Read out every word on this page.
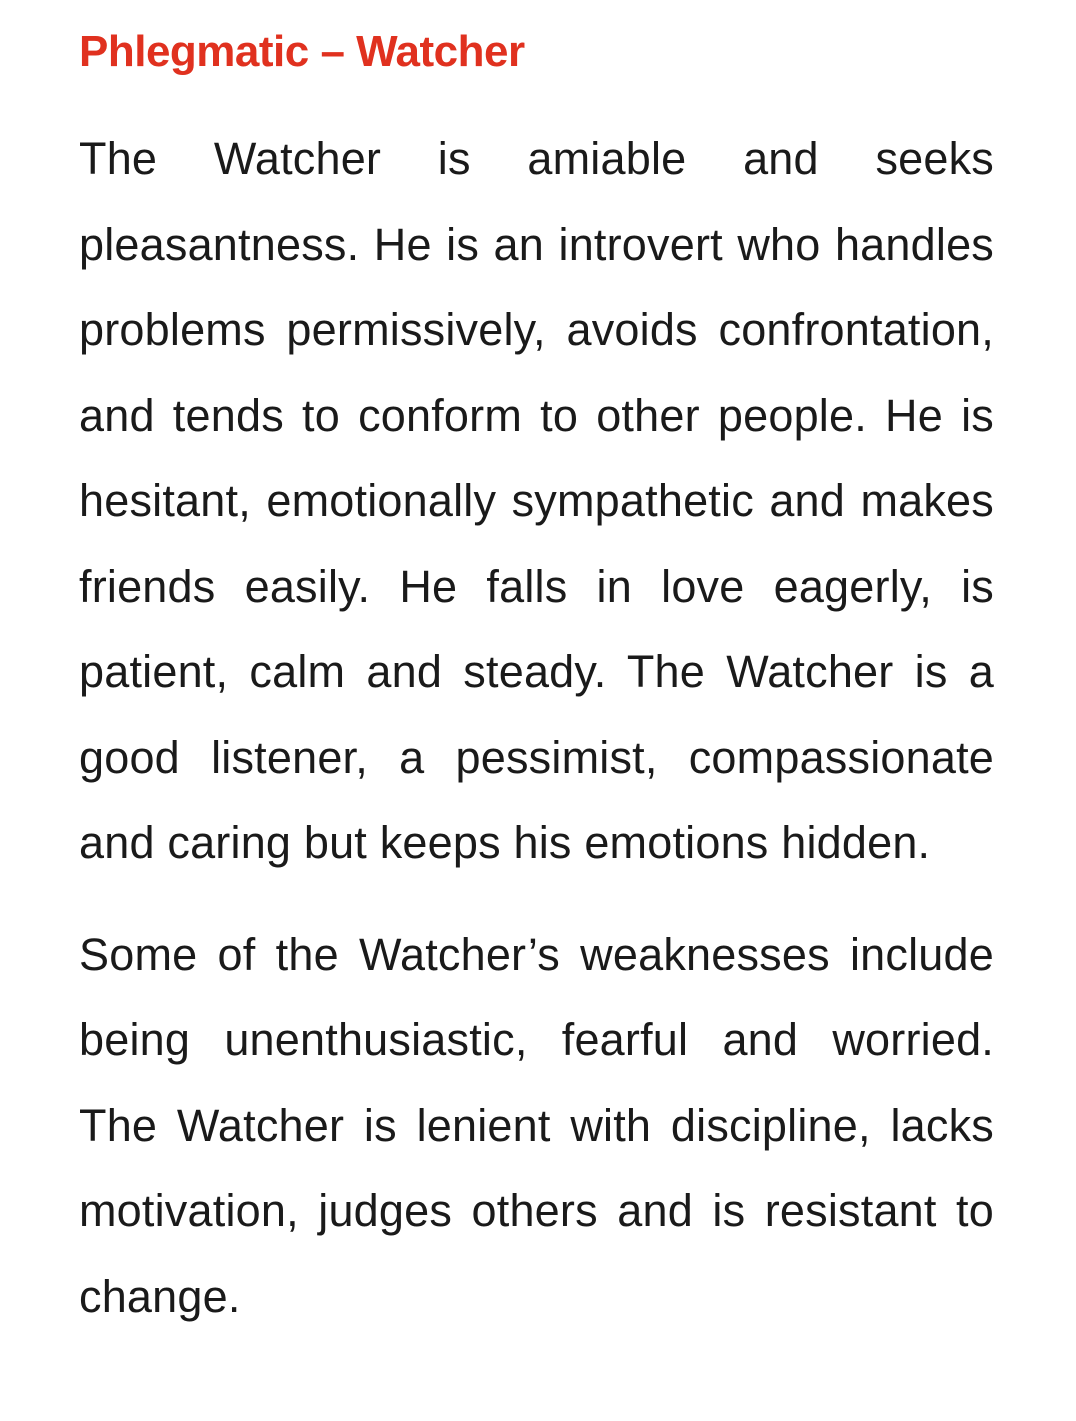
Phlegmatic – Watcher

The Watcher is amiable and seeks pleasantness. He is an introvert who handles problems permissively, avoids confrontation, and tends to conform to other people. He is hesitant, emotionally sympathetic and makes friends easily. He falls in love eagerly, is patient, calm and steady. The Watcher is a good listener, a pessimist, compassionate and caring but keeps his emotions hidden.

Some of the Watcher’s weaknesses include being unenthusiastic, fearful and worried. The Watcher is lenient with discipline, lacks motivation, judges others and is resistant to change.
